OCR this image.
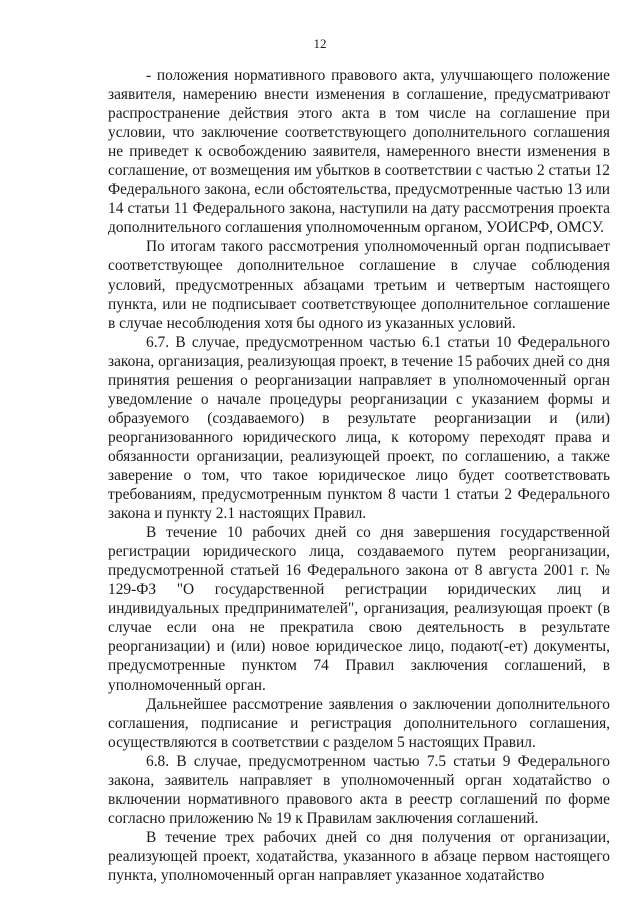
12

- положения нормативного правового акта, улучшающего положение заявителя, намерению внести изменения в соглашение, предусматривают распространение действия этого акта в том числе на соглашение при условии, что заключение соответствующего дополнительного соглашения не приведет к освобождению заявителя, намеренного внести изменения в соглашение, от возмещения им убытков в соответствии с частью 2 статьи 12 Федерального закона, если обстоятельства, предусмотренные частью 13 или 14 статьи 11 Федерального закона, наступили на дату рассмотрения проекта дополнительного соглашения уполномоченным органом, УОИСРФ, ОМСУ.

По итогам такого рассмотрения уполномоченный орган подписывает соответствующее дополнительное соглашение в случае соблюдения условий, предусмотренных абзацами третьим и четвертым настоящего пункта, или не подписывает соответствующее дополнительное соглашение в случае несоблюдения хотя бы одного из указанных условий.

6.7. В случае, предусмотренном частью 6.1 статьи 10 Федерального закона, организация, реализующая проект, в течение 15 рабочих дней со дня принятия решения о реорганизации направляет в уполномоченный орган уведомление о начале процедуры реорганизации с указанием формы и образуемого (создаваемого) в результате реорганизации и (или) реорганизованного юридического лица, к которому переходят права и обязанности организации, реализующей проект, по соглашению, а также заверение о том, что такое юридическое лицо будет соответствовать требованиям, предусмотренным пунктом 8 части 1 статьи 2 Федерального закона и пункту 2.1 настоящих Правил.

В течение 10 рабочих дней со дня завершения государственной регистрации юридического лица, создаваемого путем реорганизации, предусмотренной статьей 16 Федерального закона от 8 августа 2001 г. № 129-ФЗ "О государственной регистрации юридических лиц и индивидуальных предпринимателей", организация, реализующая проект (в случае если она не прекратила свою деятельность в результате реорганизации) и (или) новое юридическое лицо, подают(-ет) документы, предусмотренные пунктом 74 Правил заключения соглашений, в уполномоченный орган.

Дальнейшее рассмотрение заявления о заключении дополнительного соглашения, подписание и регистрация дополнительного соглашения, осуществляются в соответствии с разделом 5 настоящих Правил.

6.8. В случае, предусмотренном частью 7.5 статьи 9 Федерального закона, заявитель направляет в уполномоченный орган ходатайство о включении нормативного правового акта в реестр соглашений по форме согласно приложению № 19 к Правилам заключения соглашений.

В течение трех рабочих дней со дня получения от организации, реализующей проект, ходатайства, указанного в абзаце первом настоящего пункта, уполномоченный орган направляет указанное ходатайство
